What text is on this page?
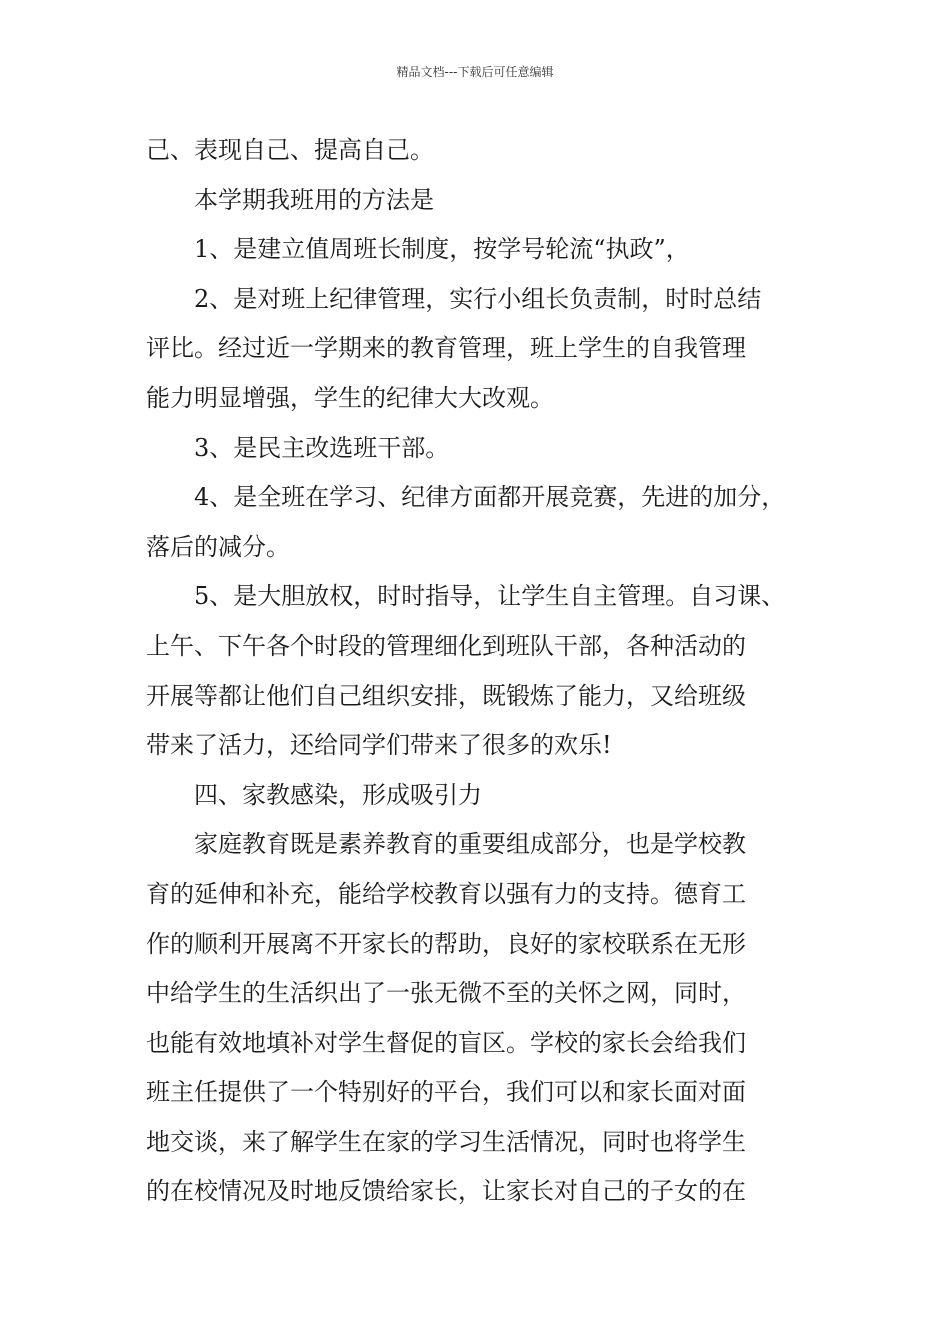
精品文档---下载后可任意编辑
己、表现自己、提高自己。
本学期我班用的方法是
1、是建立值周班长制度，按学号轮流“执政”，
2、是对班上纪律管理，实行小组长负责制，时时总结
评比。经过近一学期来的教育管理，班上学生的自我管理
能力明显增强，学生的纪律大大改观。
3、是民主改选班干部。
4、是全班在学习、纪律方面都开展竞赛，先进的加分，
落后的减分。
5、是大胆放权，时时指导，让学生自主管理。自习课、
上午、下午各个时段的管理细化到班队干部，各种活动的
开展等都让他们自己组织安排，既锻炼了能力，又给班级
带来了活力，还给同学们带来了很多的欢乐!
四、家教感染，形成吸引力
家庭教育既是素养教育的重要组成部分，也是学校教
育的延伸和补充，能给学校教育以强有力的支持。德育工
作的顺利开展离不开家长的帮助，良好的家校联系在无形
中给学生的生活织出了一张无微不至的关怀之网，同时，
也能有效地填补对学生督促的盲区。学校的家长会给我们
班主任提供了一个特别好的平台，我们可以和家长面对面
地交谈，来了解学生在家的学习生活情况，同时也将学生
的在校情况及时地反馈给家长，让家长对自己的子女的在
